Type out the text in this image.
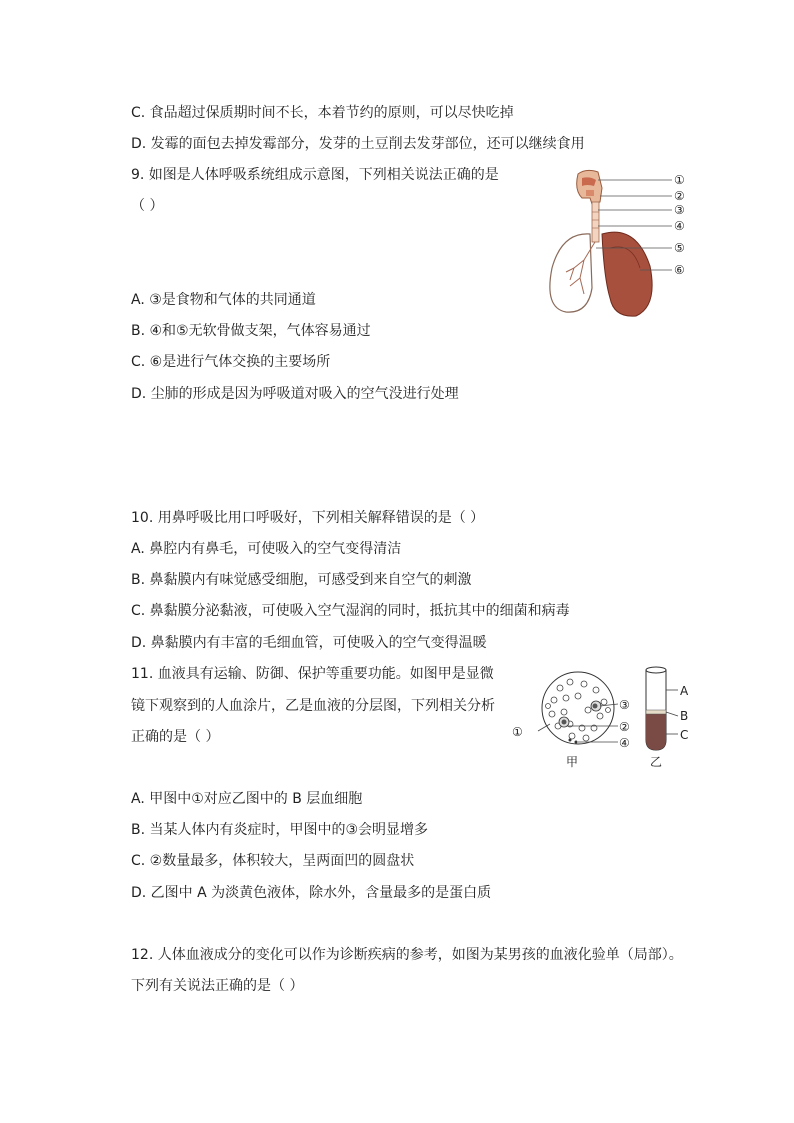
C. 食品超过保质期时间不长，本着节约的原则，可以尽快吃掉
D. 发霉的面包去掉发霉部分，发芽的土豆削去发芽部位，还可以继续食用
9. 如图是人体呼吸系统组成示意图，下列相关说法正确的是
（ ）
①
②
③
④
⑤
⑥
A. ③是食物和气体的共同通道
B. ④和⑤无软骨做支架，气体容易通过
C. ⑥是进行气体交换的主要场所
D. 尘肺的形成是因为呼吸道对吸入的空气没进行处理
10. 用鼻呼吸比用口呼吸好，下列相关解释错误的是（ ）
A. 鼻腔内有鼻毛，可使吸入的空气变得清洁
B. 鼻黏膜内有味觉感受细胞，可感受到来自空气的刺激
C. 鼻黏膜分泌黏液，可使吸入空气湿润的同时，抵抗其中的细菌和病毒
D. 鼻黏膜内有丰富的毛细血管，可使吸入的空气变得温暖
11. 血液具有运输、防御、保护等重要功能。如图甲是显微
镜下观察到的人血涂片，乙是血液的分层图，下列相关分析
正确的是（ ）	①
③
②
④
甲
A
B
C
乙
A. 甲图中①对应乙图中的 B 层血细胞
B. 当某人体内有炎症时，甲图中的③会明显增多
C. ②数量最多，体积较大，呈两面凹的圆盘状
D. 乙图中 A 为淡黄色液体，除水外，含量最多的是蛋白质
12. 人体血液成分的变化可以作为诊断疾病的参考，如图为某男孩的血液化验单（局部）。
下列有关说法正确的是（ ）
